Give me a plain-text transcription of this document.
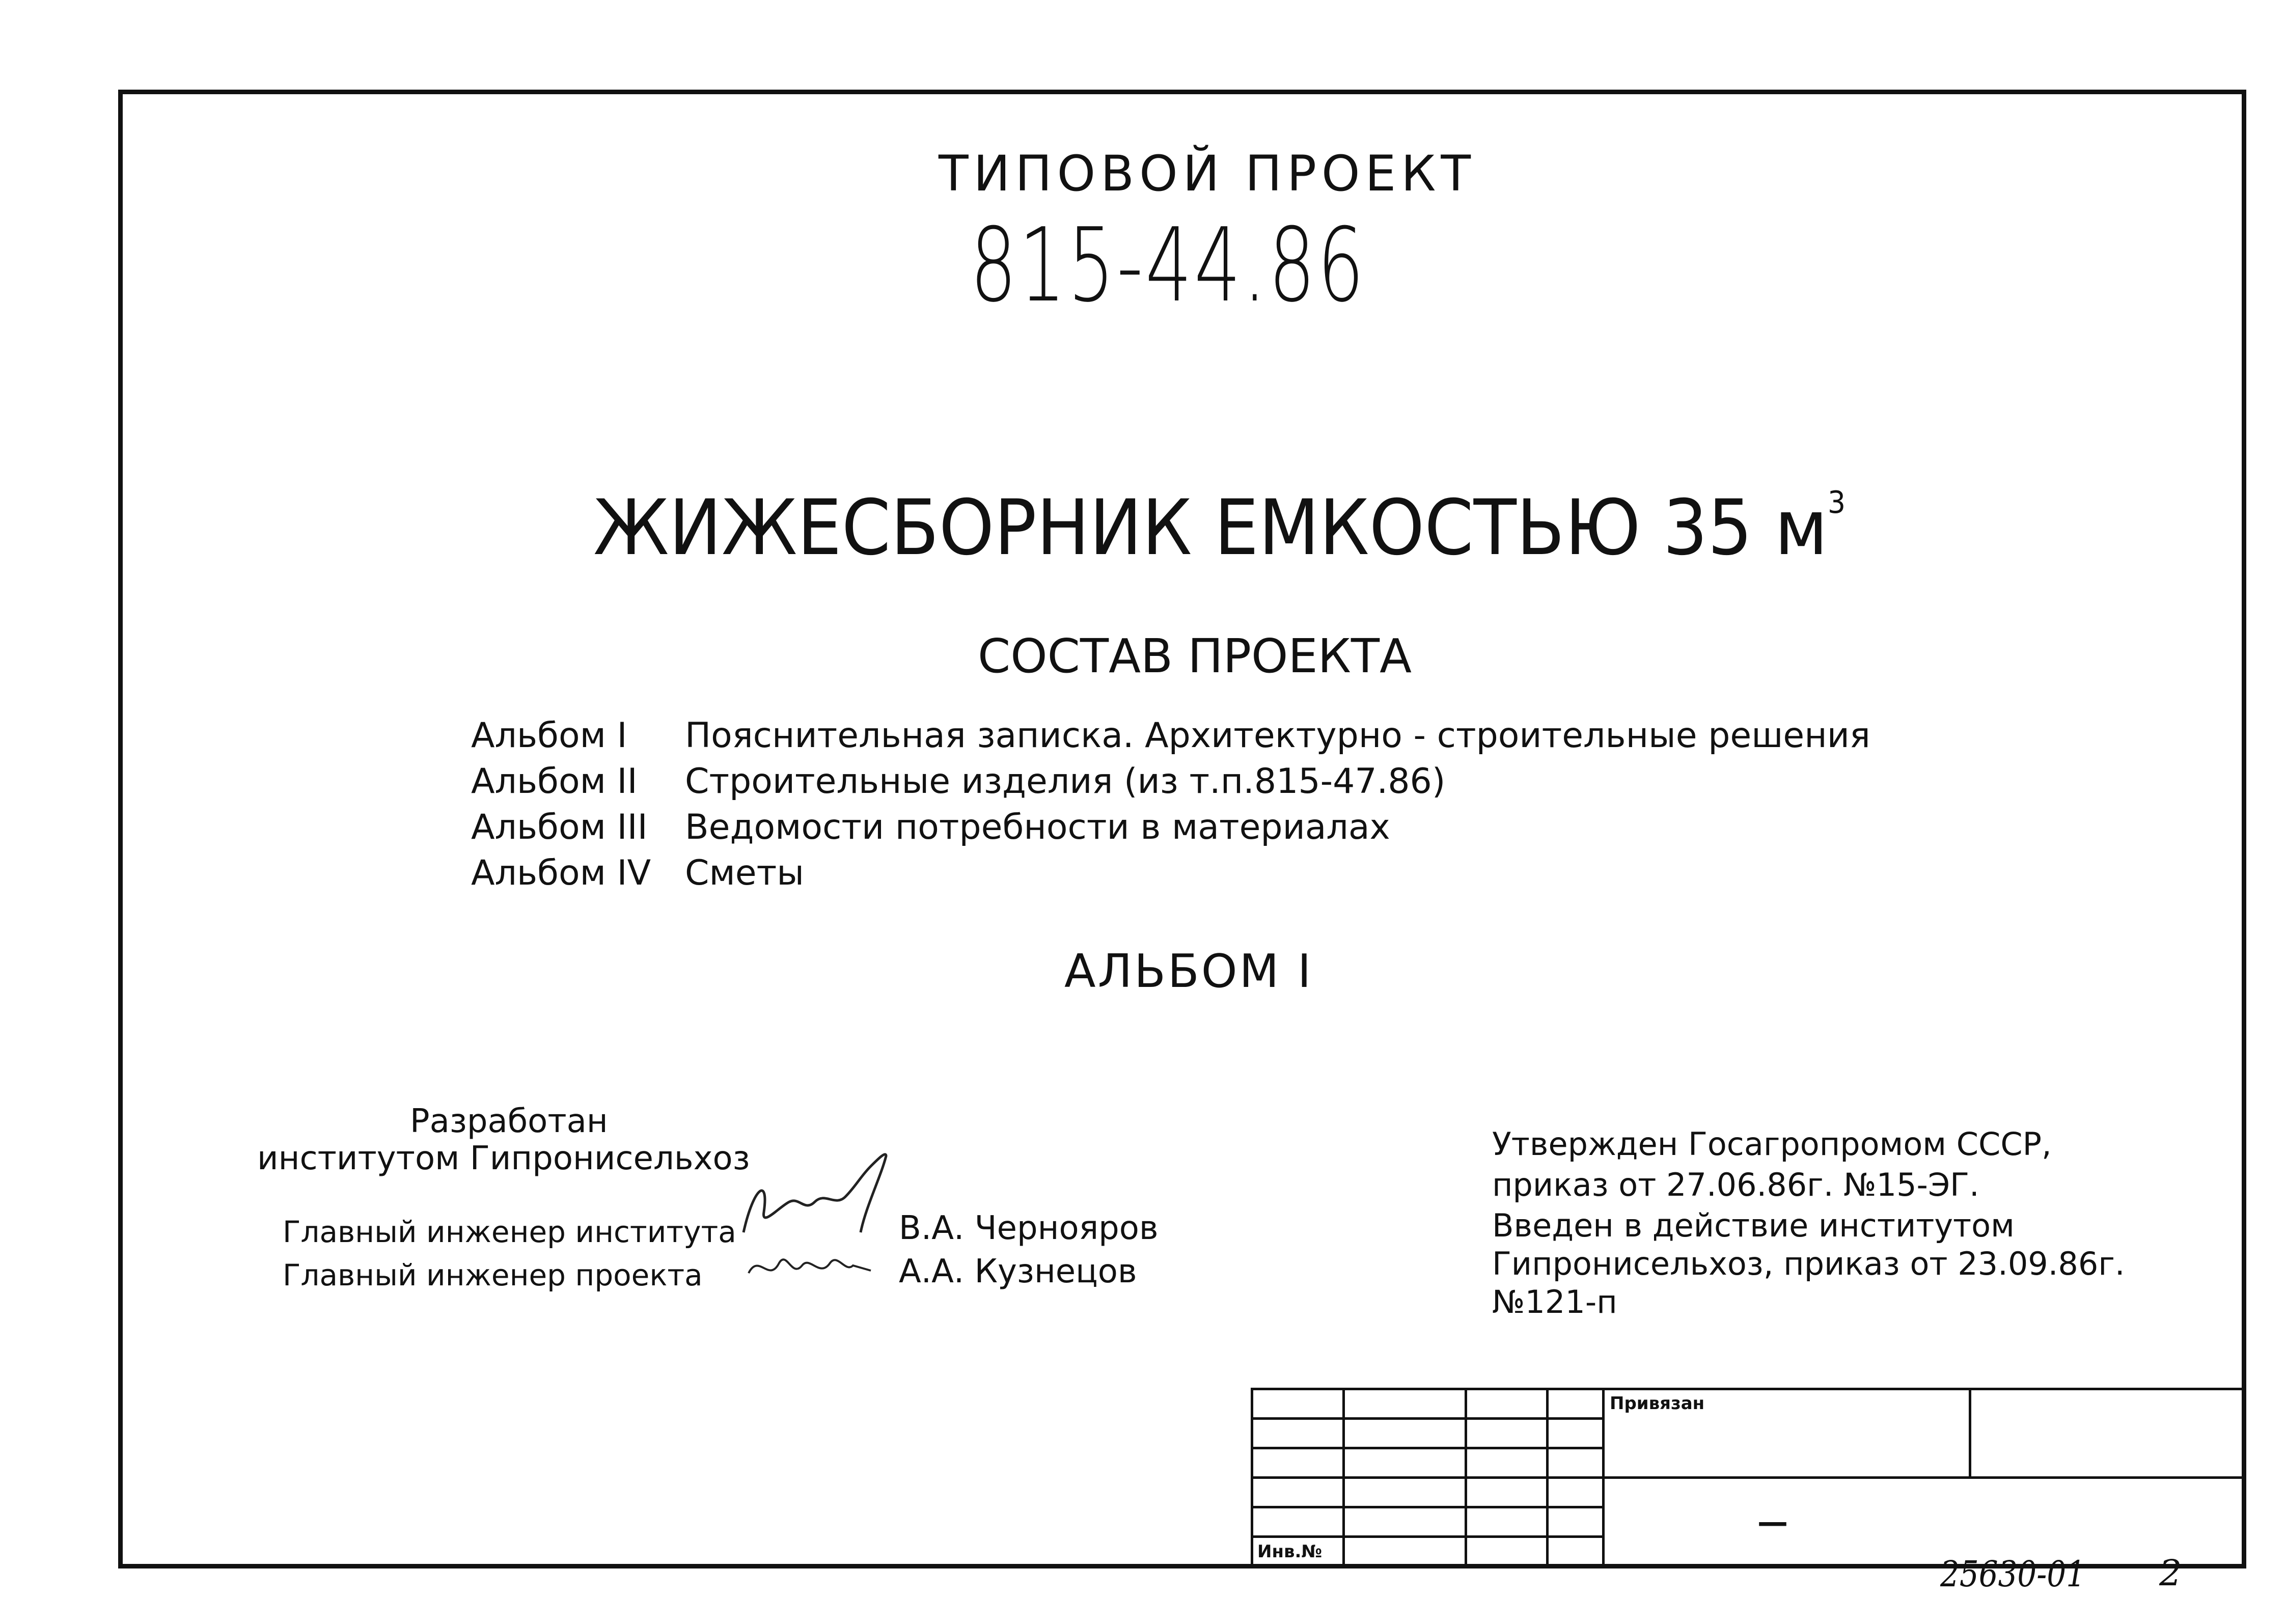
ТИПОВОЙ ПРОЕКТ
815-44.86
ЖИЖЕСБОРНИК ЕМКОСТЬЮ 35 $м^3$
СОСТАВ ПРОЕКТА
Альбом I Пояснительная записка. Архитектурно - строительные решения
Альбом II Строительные изделия (из т.п.815-47.86)
Альбом III Ведомости потребности в материалах
Альбом IV Сметы
АЛЬБОМ I
Разработан
институтом Гипронисельхоз
Главный инженер института	В.А. Чернояров
Главный инженер проекта	А.А. Кузнецов
Утвержден Госагропромом СССР,
приказ от 27.06.86г. №15-ЭГ.
Введен в действие институтом
Гипронисельхоз, приказ от 23.09.86г.
№121-п
				Привязан	

				—	

Инв.№					
25630-01 2
